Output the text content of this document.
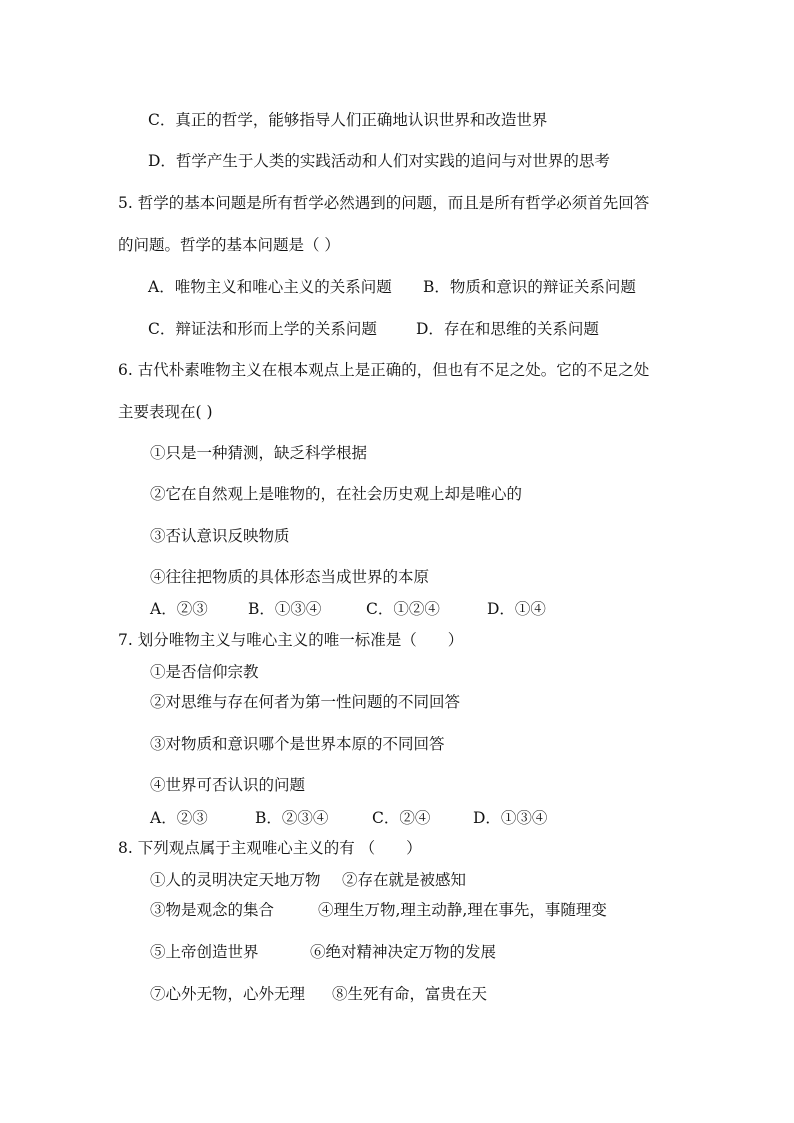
C．真正的哲学，能够指导人们正确地认识世界和改造世界
D．哲学产生于人类的实践活动和人们对实践的追问与对世界的思考
5. 哲学的基本问题是所有哲学必然遇到的问题，而且是所有哲学必须首先回答
的问题。哲学的基本问题是（ ）
A．唯物主义和唯心主义的关系问题 B．物质和意识的辩证关系问题
C．辩证法和形而上学的关系问题	D．存在和思维的关系问题
6. 古代朴素唯物主义在根本观点上是正确的，但也有不足之处。它的不足之处
主要表现在( )
①只是一种猜测，缺乏科学根据
②它在自然观上是唯物的，在社会历史观上却是唯心的
③否认意识反映物质
④往往把物质的具体形态当成世界的本原
A．②③	B．①③④	C．①②④	D．①④
7. 划分唯物主义与唯心主义的唯一标准是（　　）
①是否信仰宗教
②对思维与存在何者为第一性问题的不同回答
③对物质和意识哪个是世界本原的不同回答
④世界可否认识的问题
A．②③	B．②③④	C．②④	D．①③④
8. 下列观点属于主观唯心主义的有 （　　）
①人的灵明决定天地万物 ②存在就是被感知
③物是观念的集合	④理生万物,理主动静,理在事先，事随理变
⑤上帝创造世界	⑥绝对精神决定万物的发展
⑦心外无物，心外无理 ⑧生死有命，富贵在天
